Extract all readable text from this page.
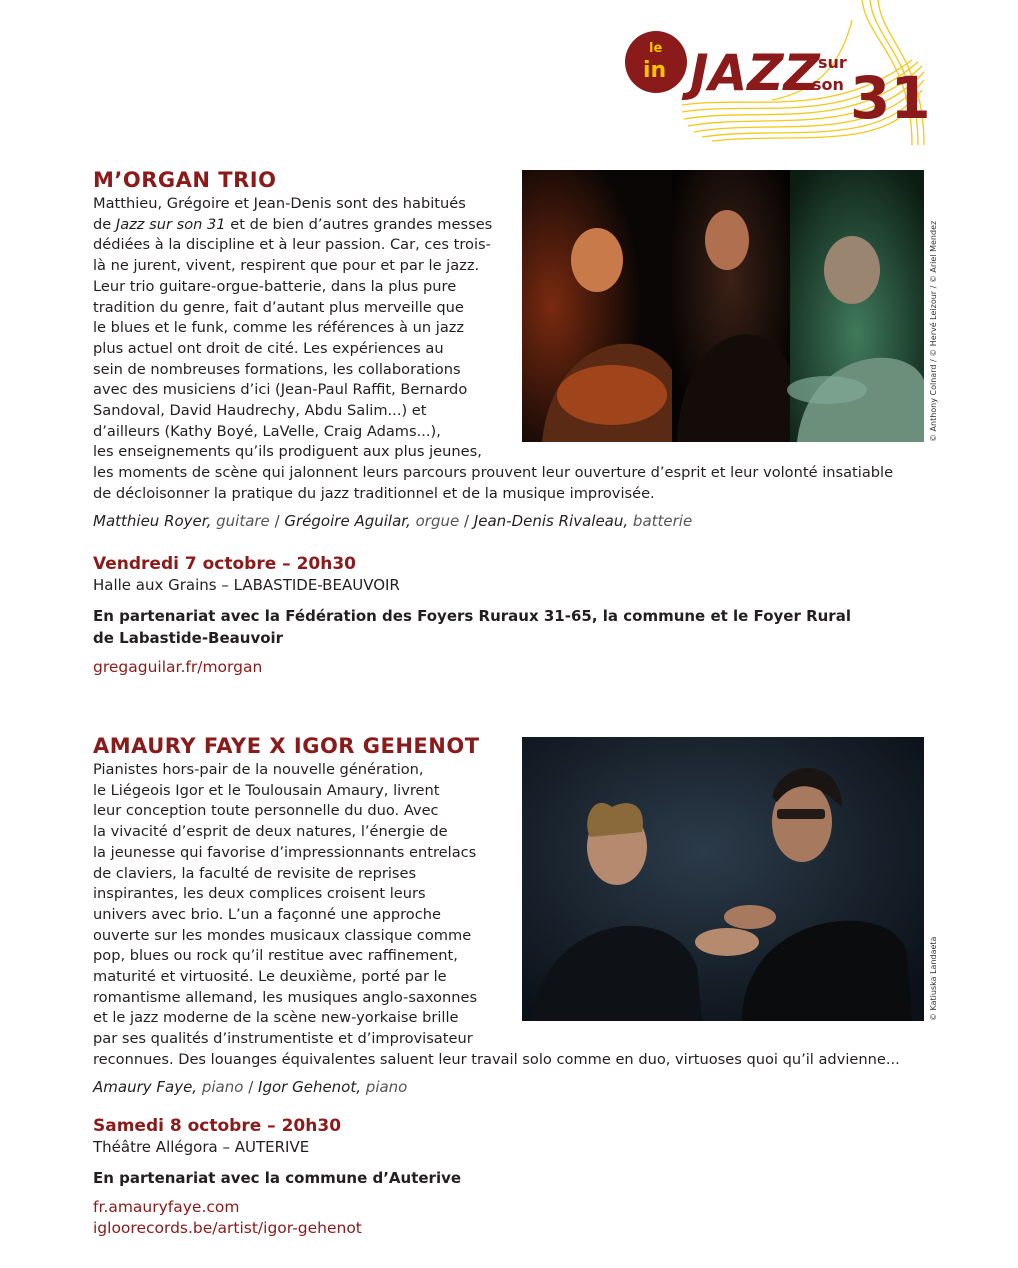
le
in JAZZ
sur
son 31
M’ORGAN TRIO
Matthieu, Grégoire et Jean-Denis sont des habitués
de Jazz sur son 31 et de bien d’autres grandes messes
dédiées à la discipline et à leur passion. Car, ces trois-
là ne jurent, vivent, respirent que pour et par le jazz.
Leur trio guitare-orgue-batterie, dans la plus pure
tradition du genre, fait d’autant plus merveille que
le blues et le funk, comme les références à un jazz
plus actuel ont droit de cité. Les expériences au
sein de nombreuses formations, les collaborations
avec des musiciens d’ici (Jean-Paul Raffit, Bernardo
Sandoval, David Haudrechy, Abdu Salim...) et
d’ailleurs (Kathy Boyé, LaVelle, Craig Adams...),
les enseignements qu’ils prodiguent aux plus jeunes,
les moments de scène qui jalonnent leurs parcours prouvent leur ouverture d’esprit et leur volonté insatiable
de décloisonner la pratique du jazz traditionnel et de la musique improvisée.
Matthieu Royer, guitare / Grégoire Aguilar, orgue / Jean-Denis Rivaleau, batterie
Vendredi 7 octobre – 20h30
Halle aux Grains – LABASTIDE-BEAUVOIR
En partenariat avec la Fédération des Foyers Ruraux 31-65, la commune et le Foyer Rural
de Labastide-Beauvoir
gregaguilar.fr/morgan
© Anthony Colnard / © Hervé Leizour / © Ariel Mendez
AMAURY FAYE X IGOR GEHENOT
Pianistes hors-pair de la nouvelle génération,
le Liégeois Igor et le Toulousain Amaury, livrent
leur conception toute personnelle du duo. Avec
la vivacité d’esprit de deux natures, l’énergie de
la jeunesse qui favorise d’impressionnants entrelacs
de claviers, la faculté de revisite de reprises
inspirantes, les deux complices croisent leurs
univers avec brio. L’un a façonné une approche
ouverte sur les mondes musicaux classique comme
pop, blues ou rock qu’il restitue avec raffinement,
maturité et virtuosité. Le deuxième, porté par le
romantisme allemand, les musiques anglo-saxonnes
et le jazz moderne de la scène new-yorkaise brille
par ses qualités d’instrumentiste et d’improvisateur
reconnues. Des louanges équivalentes saluent leur travail solo comme en duo, virtuoses quoi qu’il advienne...
Amaury Faye, piano / Igor Gehenot, piano
Samedi 8 octobre – 20h30
Théâtre Allégora – AUTERIVE
En partenariat avec la commune d’Auterive
fr.amauryfaye.com
igloorecords.be/artist/igor-gehenot
© Katiuska Landaeta
